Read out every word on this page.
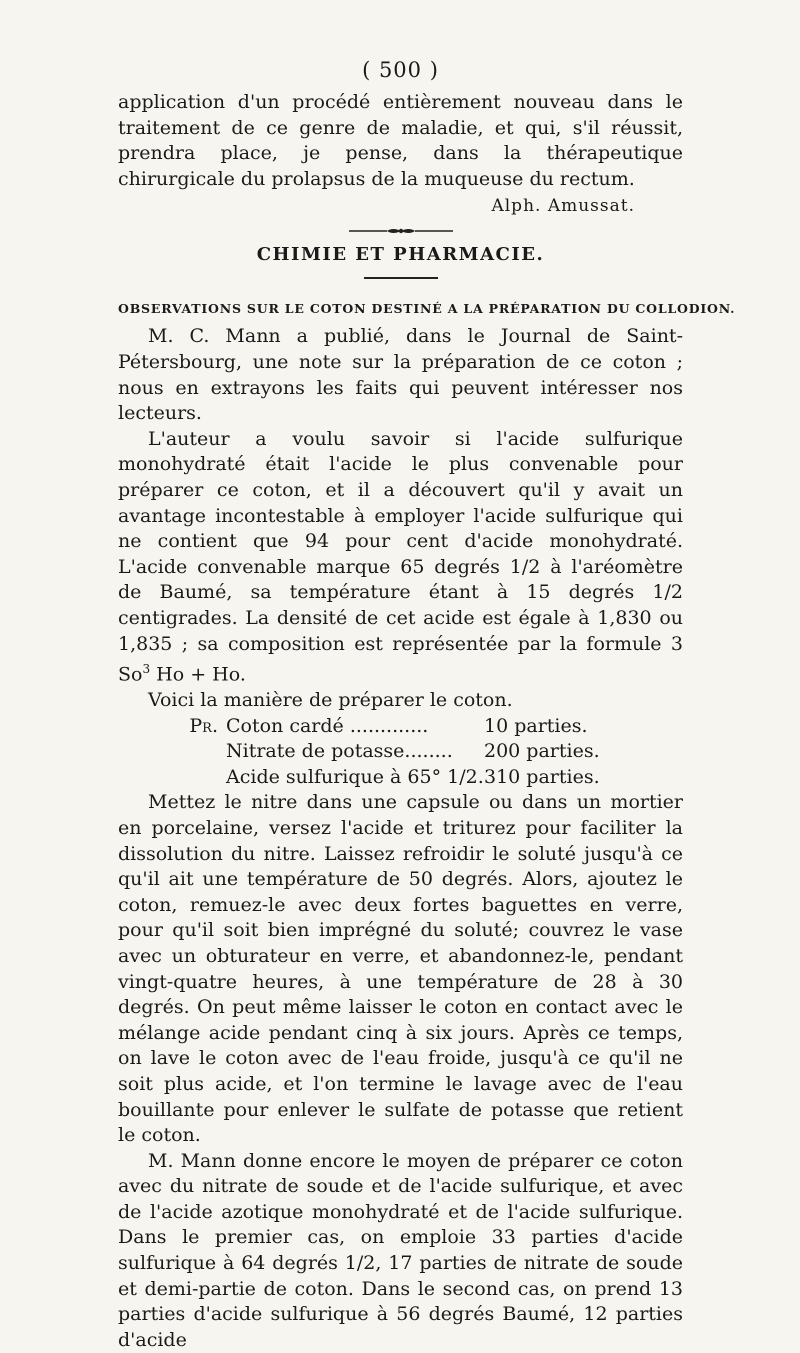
( 500 )

application d'un procédé entièrement nouveau dans le traitement de ce genre de maladie, et qui, s'il réussit, prendra place, je pense, dans la thérapeutique chirurgicale du prolapsus de la muqueuse du rectum.

Alph. Amussat.
CHIMIE ET PHARMACIE.
OBSERVATIONS SUR LE COTON DESTINÉ A LA PRÉPARATION DU COLLODION.

M. C. Mann a publié, dans le Journal de Saint-Pétersbourg, une note sur la préparation de ce coton ; nous en extrayons les faits qui peuvent intéresser nos lecteurs.

L'auteur a voulu savoir si l'acide sulfurique monohydraté était l'acide le plus convenable pour préparer ce coton, et il a découvert qu'il y avait un avantage incontestable à employer l'acide sulfurique qui ne contient que 94 pour cent d'acide monohydraté. L'acide convenable marque 65 degrés 1/2 à l'aréomètre de Baumé, sa température étant à 15 degrés 1/2 centigrades. La densité de cet acide est égale à 1,830 ou 1,835 ; sa composition est représentée par la formule 3 So$^3$ Ho + Ho.

Voici la manière de préparer le coton.

Pr. Coton cardé .............	10 parties.
Nitrate de potasse........	200 parties.
Acide sulfurique à 65° 1/2. 310 parties.

Mettez le nitre dans une capsule ou dans un mortier en porcelaine, versez l'acide et triturez pour faciliter la dissolution du nitre. Laissez refroidir le soluté jusqu'à ce qu'il ait une température de 50 degrés. Alors, ajoutez le coton, remuez-le avec deux fortes baguettes en verre, pour qu'il soit bien imprégné du soluté; couvrez le vase avec un obturateur en verre, et abandonnez-le, pendant vingt-quatre heures, à une température de 28 à 30 degrés. On peut même laisser le coton en contact avec le mélange acide pendant cinq à six jours. Après ce temps, on lave le coton avec de l'eau froide, jusqu'à ce qu'il ne soit plus acide, et l'on termine le lavage avec de l'eau bouillante pour enlever le sulfate de potasse que retient le coton.

M. Mann donne encore le moyen de préparer ce coton avec du nitrate de soude et de l'acide sulfurique, et avec de l'acide azotique monohydraté et de l'acide sulfurique. Dans le premier cas, on emploie 33 parties d'acide sulfurique à 64 degrés 1/2, 17 parties de nitrate de soude et demi-partie de coton. Dans le second cas, on prend 13 parties d'acide sulfurique à 56 degrés Baumé, 12 parties d'acide
